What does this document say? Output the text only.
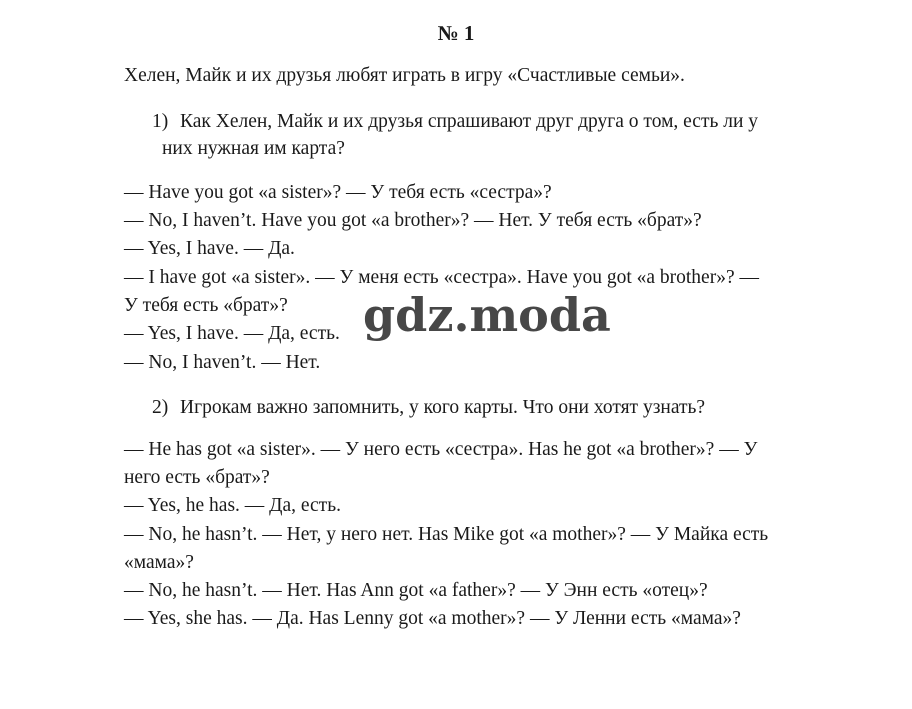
№ 1
Хелен, Майк и их друзья любят играть в игру «Счастливые семьи».
1) Как Хелен, Майк и их друзья спрашивают друг друга о том, есть ли у
них нужная им карта?
— Have you got «a sister»? — У тебя есть «сестра»?
— No, I haven’t. Have you got «a brother»? — Нет. У тебя есть «брат»?
— Yes, I have. — Да.
— I have got «a sister». — У меня есть «сестра». Have you got «a brother»? —
У тебя есть «брат»?
— Yes, I have. — Да, есть.
— No, I haven’t. — Нет.
2) Игрокам важно запомнить, у кого карты. Что они хотят узнать?
— He has got «a sister». — У него есть «сестра». Has he got «a brother»? — У
него есть «брат»?
— Yes, he has. — Да, есть.
— No, he hasn’t. — Нет, у него нет. Has Mike got «a mother»? — У Майка есть
«мама»?
— No, he hasn’t. — Нет. Has Ann got «a father»? — У Энн есть «отец»?
— Yes, she has. — Да. Has Lenny got «a mother»? — У Ленни есть «мама»?
gdz.moda
